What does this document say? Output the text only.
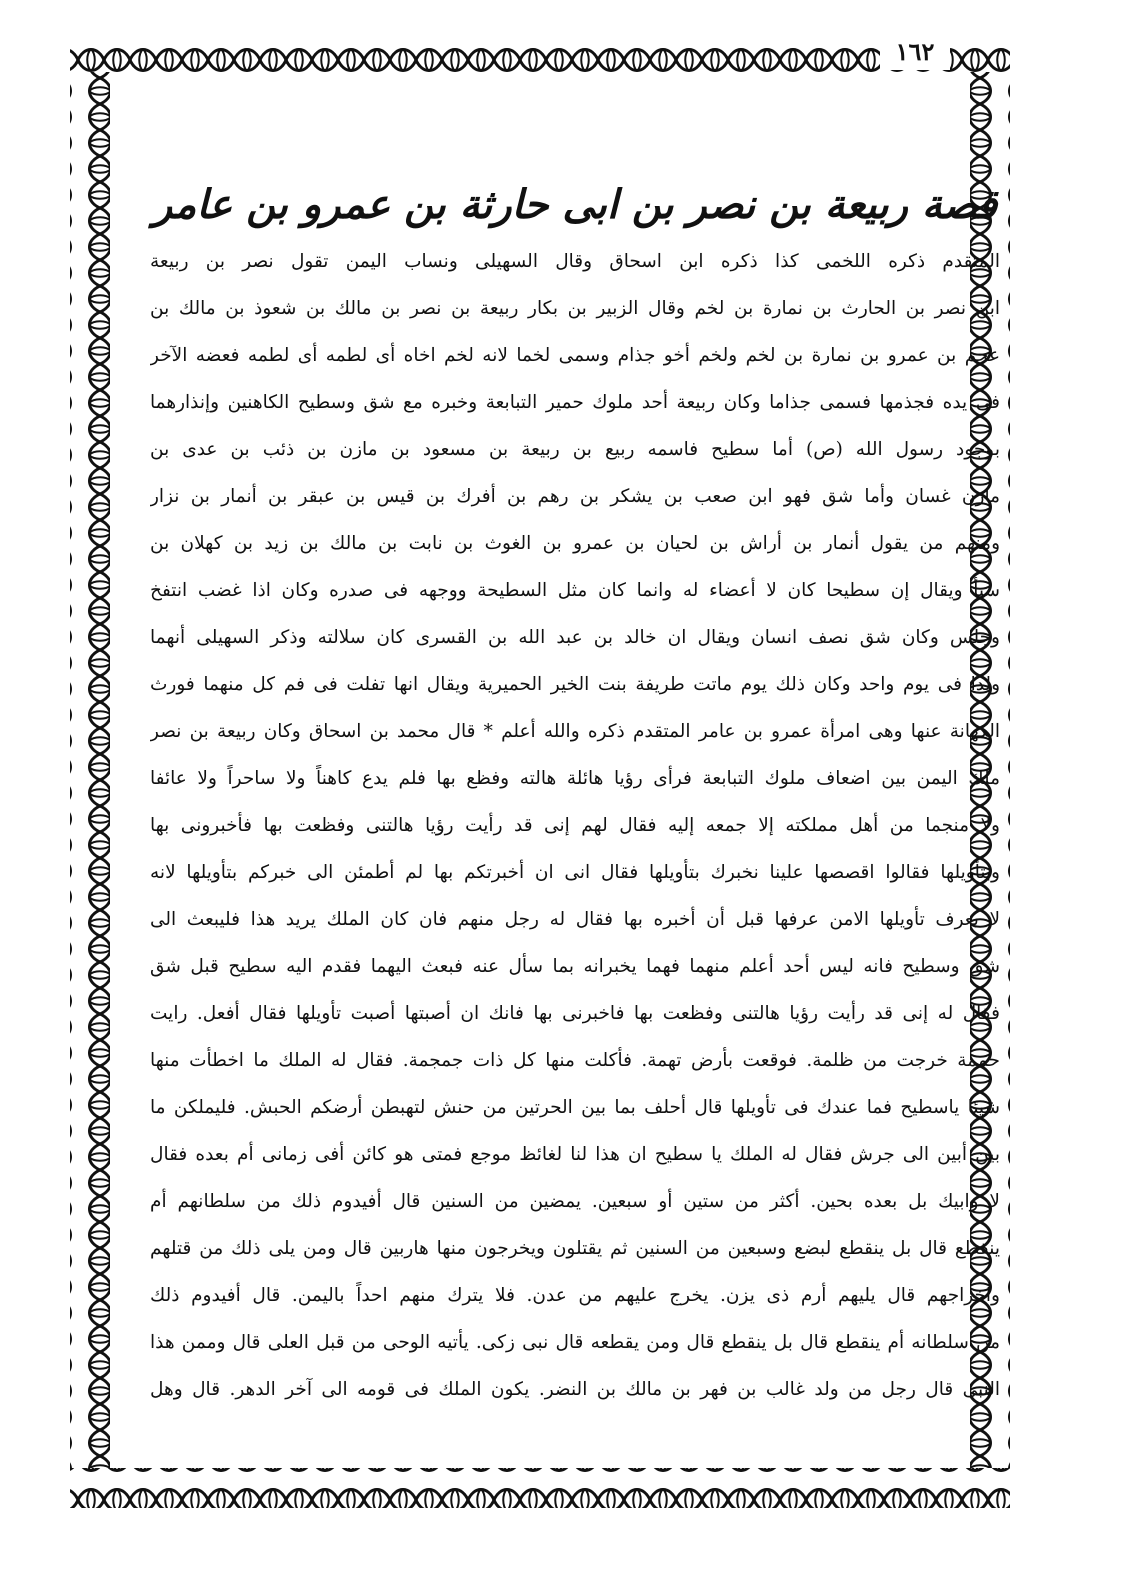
١٦٢
قصة ربيعة بن نصر بن ابى حارثة بن عمرو بن عامر
المتقدم ذكره اللخمى كذا ذكره ابن اسحاق وقال السهيلى ونساب اليمن تقول نصر بن ربيعة
ابن نصر بن الحارث بن نمارة بن لخم وقال الزبير بن بكار ربيعة بن نصر بن مالك بن شعوذ بن مالك بن
عجم بن عمرو بن نمارة بن لخم ولخم أخو جذام وسمى لخما لانه لخم اخاه أى لطمه أى لطمه فعضه الآخر
فى يده فجذمها فسمى جذاما وكان ربيعة أحد ملوك حمير التبابعة وخبره مع شق وسطيح الكاهنين وإنذارهما
بوجود رسول الله (ص) أما سطيح فاسمه ربيع بن ربيعة بن مسعود بن مازن بن ذئب بن عدى بن
مازن غسان وأما شق فهو ابن صعب بن يشكر بن رهم بن أفرك بن قيس بن عبقر بن أنمار بن نزار
ومنهم من يقول أنمار بن أراش بن لحيان بن عمرو بن الغوث بن نابت بن مالك بن زيد بن كهلان بن
سبأ ويقال إن سطيحا كان لا أعضاء له وانما كان مثل السطيحة ووجهه فى صدره وكان اذا غضب انتفخ
وجلس وكان شق نصف انسان ويقال ان خالد بن عبد الله بن القسرى كان سلالته وذكر السهيلى أنهما
ولدا فى يوم واحد وكان ذلك يوم ماتت طريفة بنت الخير الحميرية ويقال انها تفلت فى فم كل منهما فورث
الكهانة عنها وهى امرأة عمرو بن عامر المتقدم ذكره والله أعلم * قال محمد بن اسحاق وكان ربيعة بن نصر
ملك اليمن بين اضعاف ملوك التبابعة فرأى رؤيا هائلة هالته وفظع بها فلم يدع كاهناً ولا ساحراً ولا عائفا
ولا منجما من أهل مملكته إلا جمعه إليه فقال لهم إنى قد رأيت رؤيا هالتنى وفظعت بها فأخبرونى بها
وبتأويلها فقالوا اقصصها علينا نخبرك بتأويلها فقال انى ان أخبرتكم بها لم أطمئن الى خبركم بتأويلها لانه
لا يعرف تأويلها الامن عرفها قبل أن أخبره بها فقال له رجل منهم فان كان الملك يريد هذا فليبعث الى
شق وسطيح فانه ليس أحد أعلم منهما فهما يخبرانه بما سأل عنه فبعث اليهما فقدم اليه سطيح قبل شق
فقال له إنى قد رأيت رؤيا هالتنى وفظعت بها فاخبرنى بها فانك ان أصبتها أصبت تأويلها فقال أفعل. رايت
حممة خرجت من ظلمة. فوقعت بأرض تهمة. فأكلت منها كل ذات جمجمة. فقال له الملك ما اخطأت منها
شيئا ياسطيح فما عندك فى تأويلها قال أحلف بما بين الحرتين من حنش لتهبطن أرضكم الحبش. فليملكن ما
بين أبين الى جرش فقال له الملك يا سطيح ان هذا لنا لغائظ موجع فمتى هو كائن أفى زمانى أم بعده فقال
لا وابيك بل بعده بحين. أكثر من ستين أو سبعين. يمضين من السنين قال أفيدوم ذلك من سلطانهم أم
ينقطع قال بل ينقطع لبضع وسبعين من السنين ثم يقتلون ويخرجون منها هاربين قال ومن يلى ذلك من قتلهم
واخراجهم قال يليهم أرم ذى يزن. يخرج عليهم من عدن. فلا يترك منهم احداً باليمن. قال أفيدوم ذلك
من سلطانه أم ينقطع قال بل ينقطع قال ومن يقطعه قال نبى زكى. يأتيه الوحى من قبل العلى قال وممن هذا
النبى قال رجل من ولد غالب بن فهر بن مالك بن النضر. يكون الملك فى قومه الى آخر الدهر. قال وهل
